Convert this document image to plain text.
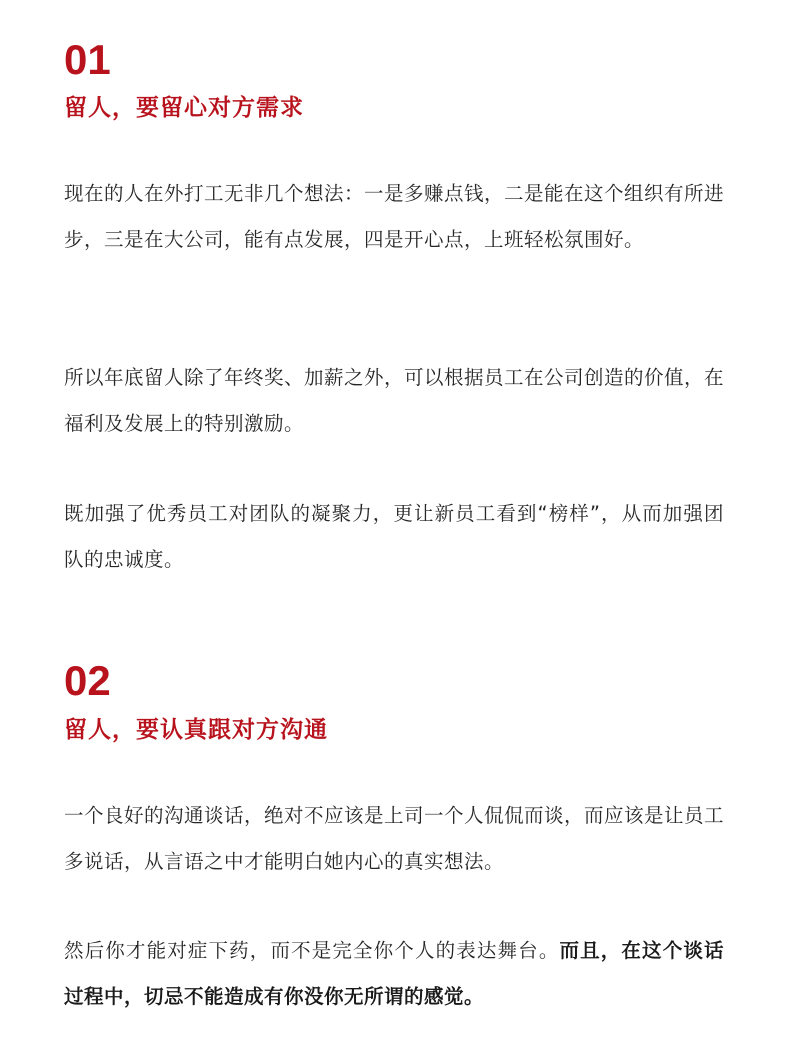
01
留人，要留心对方需求

现在的人在外打工无非几个想法：一是多赚点钱，二是能在这个组织有所进步，三是在大公司，能有点发展，四是开心点，上班轻松氛围好。

所以年底留人除了年终奖、加薪之外，可以根据员工在公司创造的价值，在福利及发展上的特别激励。

既加强了优秀员工对团队的凝聚力，更让新员工看到“榜样”，从而加强团队的忠诚度。

02
留人，要认真跟对方沟通

一个良好的沟通谈话，绝对不应该是上司一个人侃侃而谈，而应该是让员工多说话，从言语之中才能明白她内心的真实想法。

然后你才能对症下药，而不是完全你个人的表达舞台。而且，在这个谈话过程中，切忌不能造成有你没你无所谓的感觉。
